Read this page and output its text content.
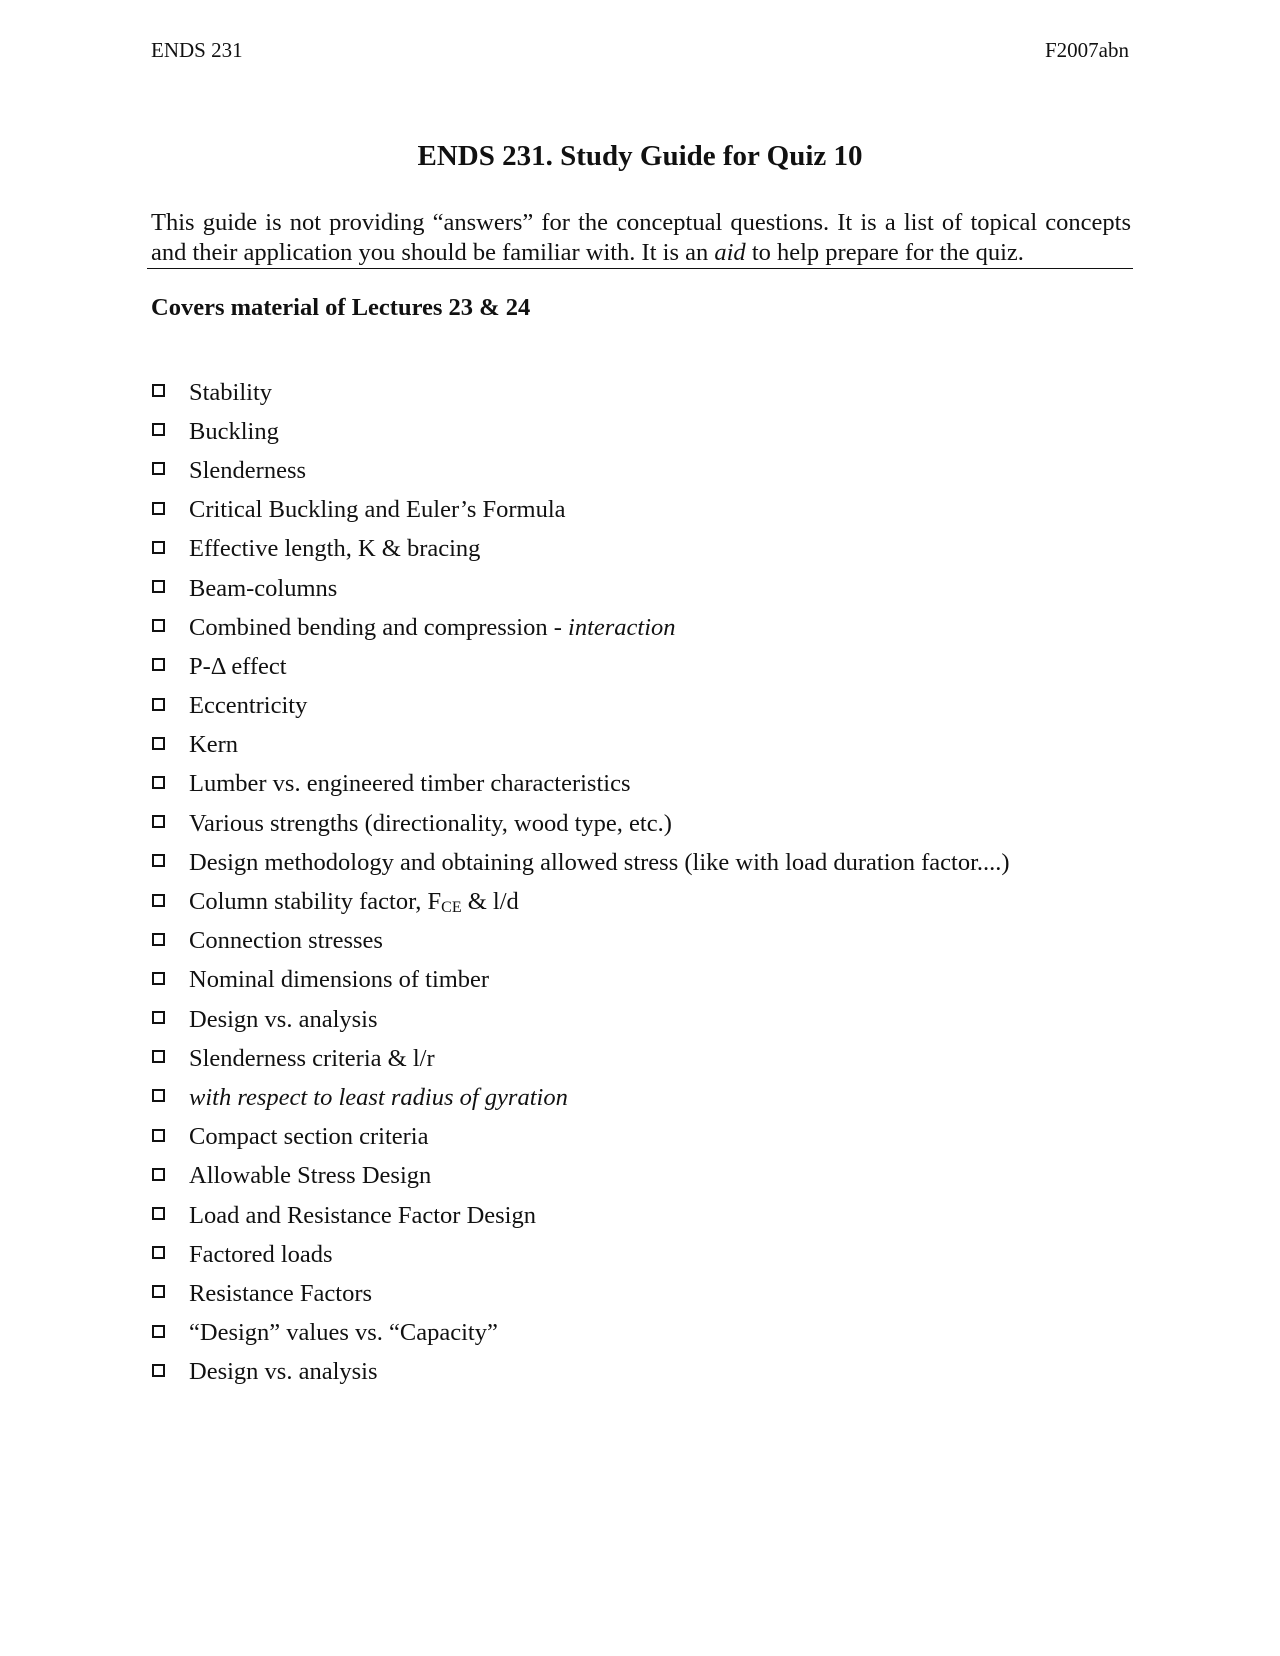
ENDS 231	F2007abn
ENDS 231. Study Guide for Quiz 10
This guide is not providing “answers” for the conceptual questions. It is a list of topical concepts
and their application you should be familiar with. It is an aid to help prepare for the quiz.
Covers material of Lectures 23 & 24
Stability
Buckling
Slenderness
Critical Buckling and Euler’s Formula
Effective length, K & bracing
Beam-columns
Combined bending and compression - interaction
P-Δ effect
Eccentricity
Kern
Lumber vs. engineered timber characteristics
Various strengths (directionality, wood type, etc.)
Design methodology and obtaining allowed stress (like with load duration factor....)
Column stability factor, $F_{CE}$ & l/d
Connection stresses
Nominal dimensions of timber
Design vs. analysis
Slenderness criteria & l/r
with respect to least radius of gyration
Compact section criteria
Allowable Stress Design
Load and Resistance Factor Design
Factored loads
Resistance Factors
“Design” values vs. “Capacity”
Design vs. analysis
